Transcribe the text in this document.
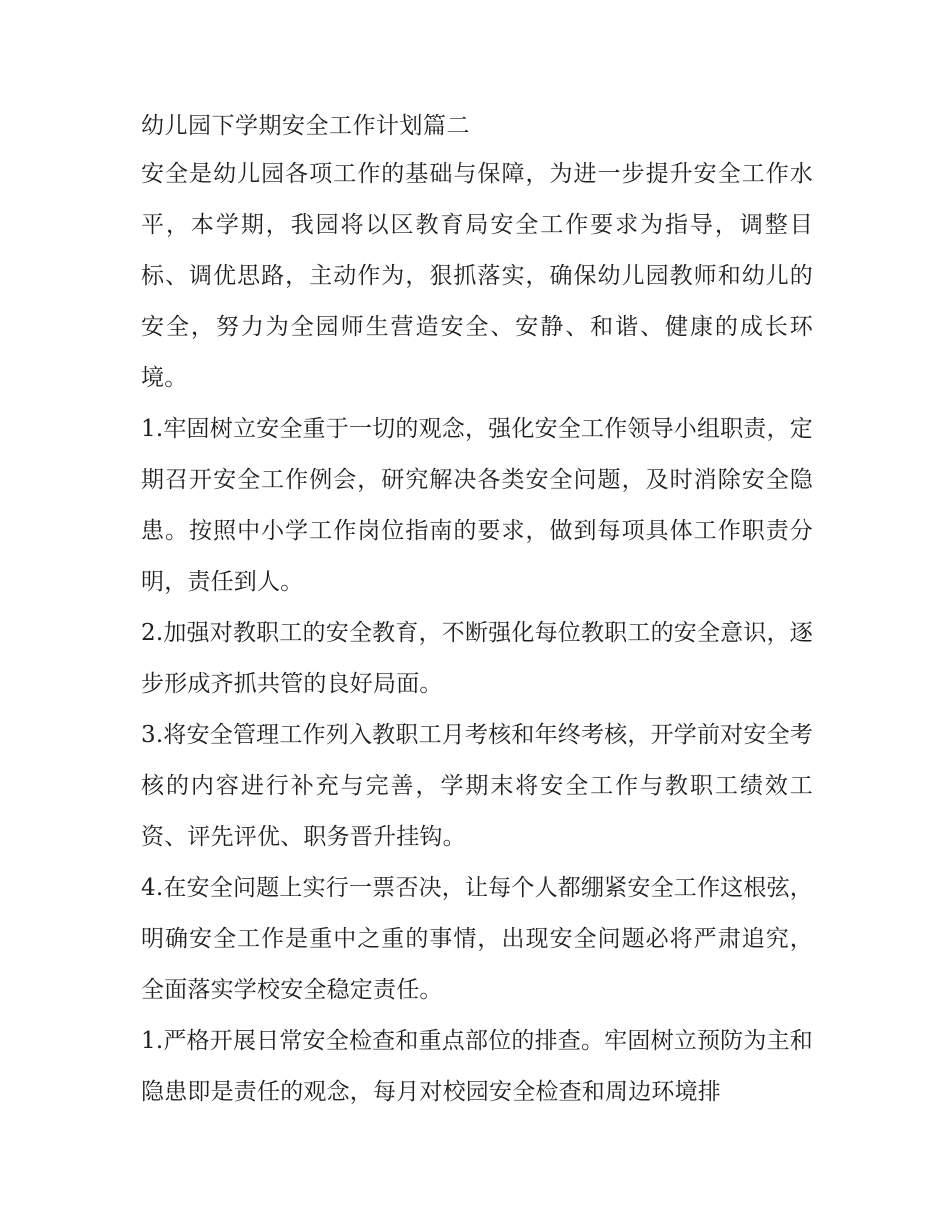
幼儿园下学期安全工作计划篇二

安全是幼儿园各项工作的基础与保障，为进一步提升安全工作水平，本学期，我园将以区教育局安全工作要求为指导，调整目标、调优思路，主动作为，狠抓落实，确保幼儿园教师和幼儿的安全，努力为全园师生营造安全、安静、和谐、健康的成长环境。

1.牢固树立安全重于一切的观念，强化安全工作领导小组职责，定期召开安全工作例会，研究解决各类安全问题，及时消除安全隐患。按照中小学工作岗位指南的要求，做到每项具体工作职责分明，责任到人。

2.加强对教职工的安全教育，不断强化每位教职工的安全意识，逐步形成齐抓共管的良好局面。

3.将安全管理工作列入教职工月考核和年终考核，开学前对安全考核的内容进行补充与完善，学期末将安全工作与教职工绩效工资、评先评优、职务晋升挂钩。

4.在安全问题上实行一票否决，让每个人都绷紧安全工作这根弦，明确安全工作是重中之重的事情，出现安全问题必将严肃追究，全面落实学校安全稳定责任。

1.严格开展日常安全检查和重点部位的排查。牢固树立预防为主和隐患即是责任的观念，每月对校园安全检查和周边环境排
